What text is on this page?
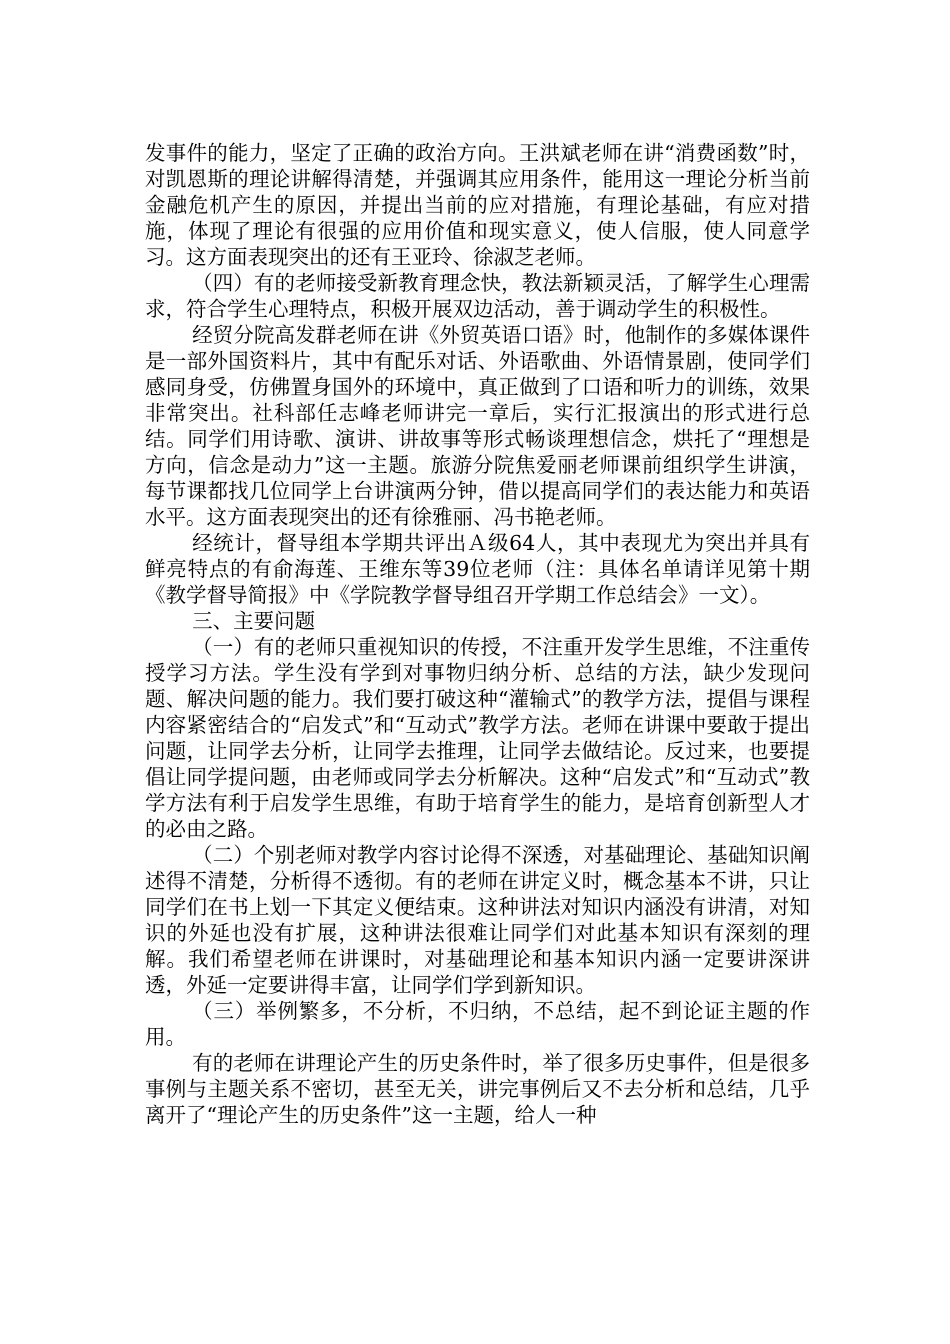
发事件的能力，坚定了正确的政治方向。王洪斌老师在讲“消费函数”时，对凯恩斯的理论讲解得清楚，并强调其应用条件，能用这一理论分析当前金融危机产生的原因，并提出当前的应对措施，有理论基础，有应对措施，体现了理论有很强的应用价值和现实意义，使人信服，使人同意学习。这方面表现突出的还有王亚玲、徐淑芝老师。

（四）有的老师接受新教育理念快，教法新颖灵活，了解学生心理需求，符合学生心理特点，积极开展双边活动，善于调动学生的积极性。

经贸分院高发群老师在讲《外贸英语口语》时，他制作的多媒体课件是一部外国资料片，其中有配乐对话、外语歌曲、外语情景剧，使同学们感同身受，仿佛置身国外的环境中，真正做到了口语和听力的训练，效果非常突出。社科部任志峰老师讲完一章后，实行汇报演出的形式进行总结。同学们用诗歌、演讲、讲故事等形式畅谈理想信念，烘托了“理想是方向，信念是动力”这一主题。旅游分院焦爱丽老师课前组织学生讲演，每节课都找几位同学上台讲演两分钟，借以提高同学们的表达能力和英语水平。这方面表现突出的还有徐雅丽、冯书艳老师。

经统计，督导组本学期共评出Ａ级64人，其中表现尤为突出并具有鲜亮特点的有俞海莲、王维东等39位老师（注：具体名单请详见第十期《教学督导简报》中《学院教学督导组召开学期工作总结会》一文）。

三、主要问题

（一）有的老师只重视知识的传授，不注重开发学生思维，不注重传授学习方法。学生没有学到对事物归纳分析、总结的方法，缺少发现问题、解决问题的能力。我们要打破这种“灌输式”的教学方法，提倡与课程内容紧密结合的“启发式”和“互动式”教学方法。老师在讲课中要敢于提出问题，让同学去分析，让同学去推理，让同学去做结论。反过来，也要提倡让同学提问题，由老师或同学去分析解决。这种“启发式”和“互动式”教学方法有利于启发学生思维，有助于培育学生的能力，是培育创新型人才的必由之路。

（二）个别老师对教学内容讨论得不深透，对基础理论、基础知识阐述得不清楚，分析得不透彻。有的老师在讲定义时，概念基本不讲，只让同学们在书上划一下其定义便结束。这种讲法对知识内涵没有讲清，对知识的外延也没有扩展，这种讲法很难让同学们对此基本知识有深刻的理解。我们希望老师在讲课时，对基础理论和基本知识内涵一定要讲深讲透，外延一定要讲得丰富，让同学们学到新知识。

（三）举例繁多，不分析，不归纳，不总结，起不到论证主题的作用。

有的老师在讲理论产生的历史条件时，举了很多历史事件，但是很多事例与主题关系不密切，甚至无关，讲完事例后又不去分析和总结，几乎离开了“理论产生的历史条件”这一主题，给人一种
